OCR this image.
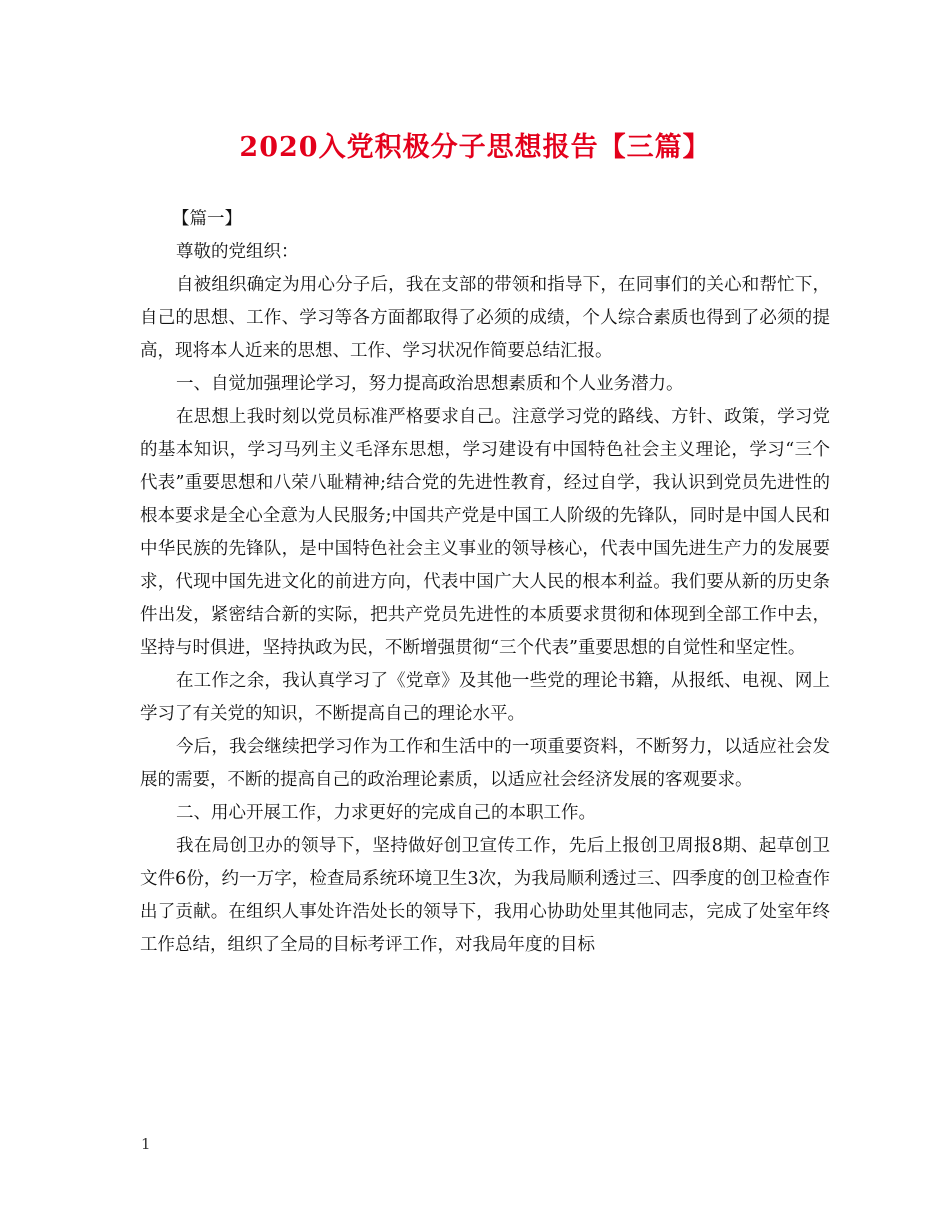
2020入党积极分子思想报告【三篇】

【篇一】

尊敬的党组织：

自被组织确定为用心分子后，我在支部的带领和指导下，在同事们的关心和帮忙下，自己的思想、工作、学习等各方面都取得了必须的成绩，个人综合素质也得到了必须的提高，现将本人近来的思想、工作、学习状况作简要总结汇报。

一、自觉加强理论学习，努力提高政治思想素质和个人业务潜力。

在思想上我时刻以党员标准严格要求自己。注意学习党的路线、方针、政策，学习党的基本知识，学习马列主义毛泽东思想，学习建设有中国特色社会主义理论，学习“三个代表”重要思想和八荣八耻精神;结合党的先进性教育，经过自学，我认识到党员先进性的根本要求是全心全意为人民服务;中国共产党是中国工人阶级的先锋队，同时是中国人民和中华民族的先锋队，是中国特色社会主义事业的领导核心，代表中国先进生产力的发展要求，代现中国先进文化的前进方向，代表中国广大人民的根本利益。我们要从新的历史条件出发，紧密结合新的实际，把共产党员先进性的本质要求贯彻和体现到全部工作中去，坚持与时俱进，坚持执政为民，不断增强贯彻“三个代表”重要思想的自觉性和坚定性。

在工作之余，我认真学习了《党章》及其他一些党的理论书籍，从报纸、电视、网上学习了有关党的知识，不断提高自己的理论水平。

今后，我会继续把学习作为工作和生活中的一项重要资料，不断努力，以适应社会发展的需要，不断的提高自己的政治理论素质，以适应社会经济发展的客观要求。

二、用心开展工作，力求更好的完成自己的本职工作。

我在局创卫办的领导下，坚持做好创卫宣传工作，先后上报创卫周报8期、起草创卫文件6份，约一万字，检查局系统环境卫生3次，为我局顺利透过三、四季度的创卫检查作出了贡献。在组织人事处许浩处长的领导下，我用心协助处里其他同志，完成了处室年终工作总结，组织了全局的目标考评工作，对我局年度的目标

1
